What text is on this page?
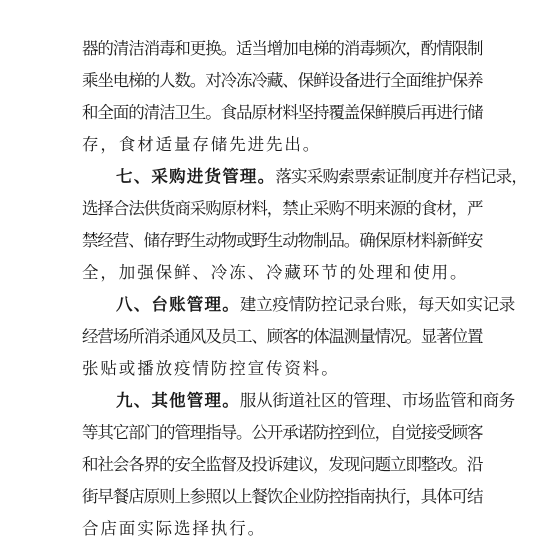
器的清洁消毒和更换。适当增加电梯的消毒频次，酌情限制
乘坐电梯的人数。对冷冻冷藏、保鲜设备进行全面维护保养
和全面的清洁卫生。食品原材料坚持覆盖保鲜膜后再进行储
存，食材适量存储先进先出。
七、采购进货管理。落实采购索票索证制度并存档记录，
选择合法供货商采购原材料，禁止采购不明来源的食材，严
禁经营、储存野生动物或野生动物制品。确保原材料新鲜安
全，加强保鲜、冷冻、冷藏环节的处理和使用。
八、台账管理。建立疫情防控记录台账，每天如实记录
经营场所消杀通风及员工、顾客的体温测量情况。显著位置
张贴或播放疫情防控宣传资料。
九、其他管理。服从街道社区的管理、市场监管和商务
等其它部门的管理指导。公开承诺防控到位，自觉接受顾客
和社会各界的安全监督及投诉建议，发现问题立即整改。沿
街早餐店原则上参照以上餐饮企业防控指南执行，具体可结
合店面实际选择执行。
